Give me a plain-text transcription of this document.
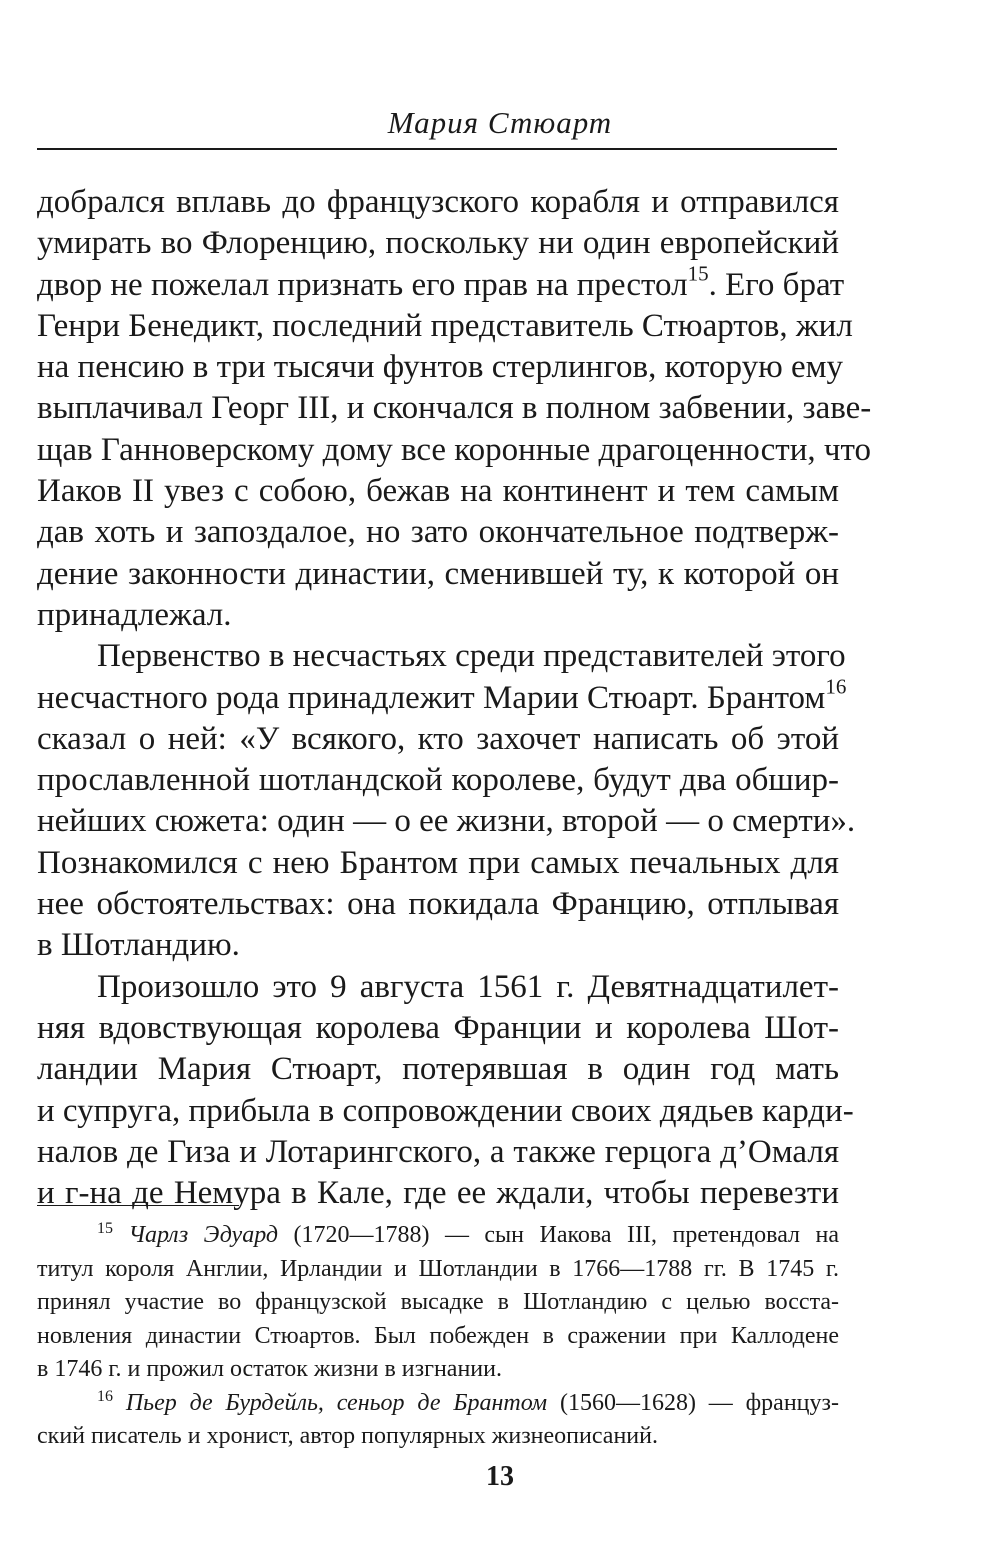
Мария Стюарт
добрался вплавь до французского корабля и отправился
умирать во Флоренцию, поскольку ни один европейский
двор не пожелал признать его прав на престол$^{15}$. Его брат
Генри Бенедикт, последний представитель Стюартов, жил
на пенсию в три тысячи фунтов стерлингов, которую ему
выплачивал Георг III, и скончался в полном забвении, заве-
щав Ганноверскому дому все коронные драгоценности, что
Иаков II увез с собою, бежав на континент и тем самым
дав хоть и запоздалое, но зато окончательное подтверж-
дение законности династии, сменившей ту, к которой он
принадлежал.
Первенство в несчастьях среди представителей этого
несчастного рода принадлежит Марии Стюарт. Брантом$^{16}$
сказал о ней: «У всякого, кто захочет написать об этой
прославленной шотландской королеве, будут два обшир-
нейших сюжета: один — о ее жизни, второй — о смерти».
Познакомился с нею Брантом при самых печальных для
нее обстоятельствах: она покидала Францию, отплывая
в Шотландию.
Произошло это 9 августа 1561 г. Девятнадцатилет-
няя вдовствующая королева Франции и королева Шот-
ландии Мария Стюарт, потерявшая в один год мать
и супруга, прибыла в сопровождении своих дядьев карди-
налов де Гиза и Лотарингского, а также герцога д’Омаля
и г-на де Немура в Кале, где ее ждали, чтобы перевезти
$^{15}$ Чарлз Эдуард (1720—1788) — сын Иакова III, претендовал на
титул короля Англии, Ирландии и Шотландии в 1766—1788 гг. В 1745 г.
принял участие во французской высадке в Шотландию с целью восста-
новления династии Стюартов. Был побежден в сражении при Каллодене
в 1746 г. и прожил остаток жизни в изгнании.
$^{16}$ Пьер де Бурдейль, сеньор де Брантом (1560—1628) — францyз-
ский писатель и хронист, автор популярных жизнеописаний.
13
